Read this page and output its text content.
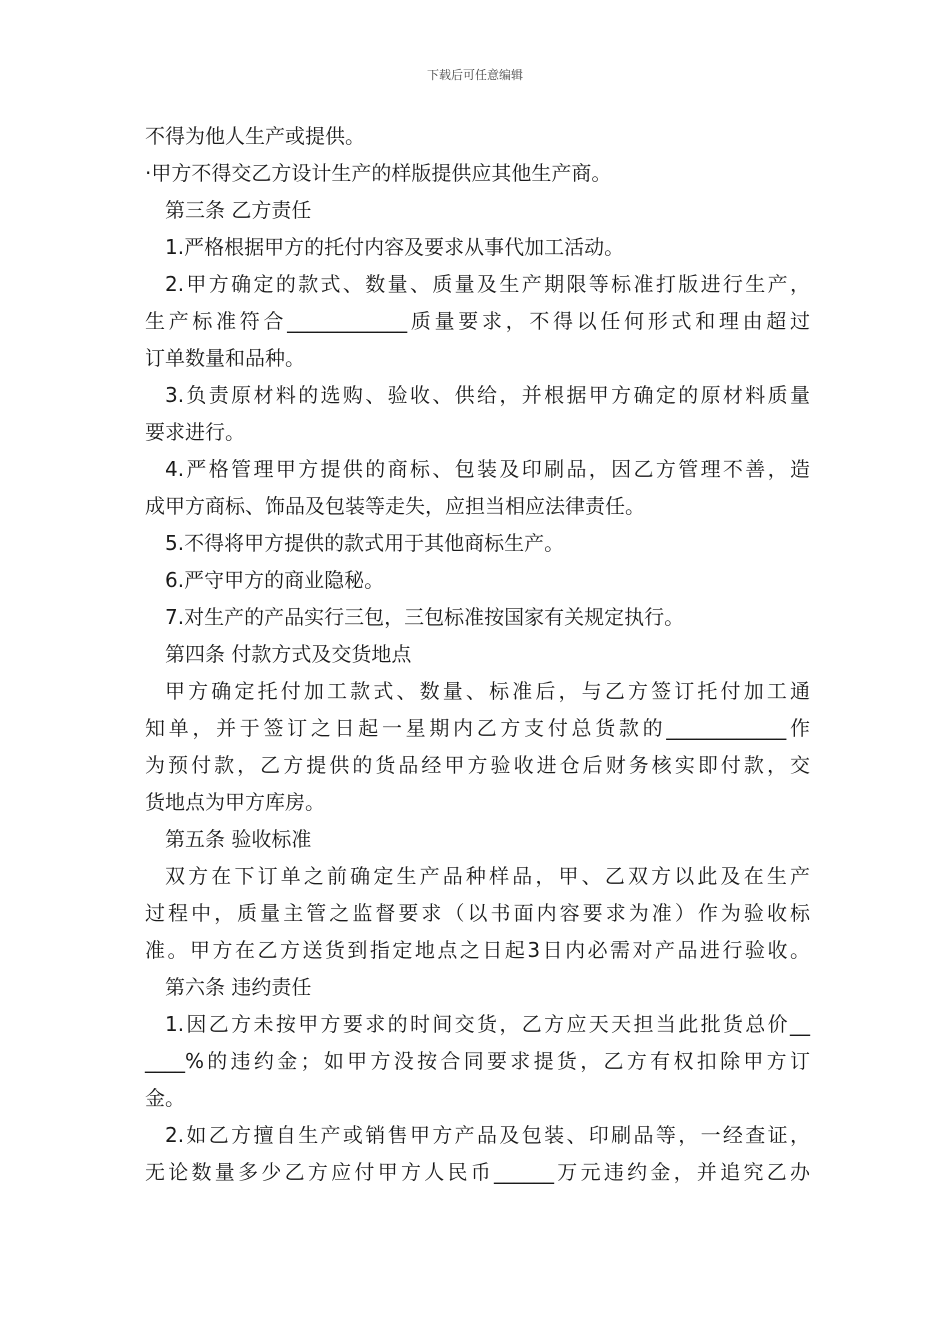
下载后可任意编辑
不得为他人生产或提供。
·甲方不得交乙方设计生产的样版提供应其他生产商。
第三条 乙方责任
1.严格根据甲方的托付内容及要求从事代加工活动。
2.甲方确定的款式、数量、质量及生产期限等标准打版进行生产，
生产标准符合____________质量要求，不得以任何形式和理由超过
订单数量和品种。
3.负责原材料的选购、验收、供给，并根据甲方确定的原材料质量
要求进行。
4.严格管理甲方提供的商标、包装及印刷品，因乙方管理不善，造
成甲方商标、饰品及包装等走失，应担当相应法律责任。
5.不得将甲方提供的款式用于其他商标生产。
6.严守甲方的商业隐秘。
7.对生产的产品实行三包，三包标准按国家有关规定执行。
第四条 付款方式及交货地点
甲方确定托付加工款式、数量、标准后，与乙方签订托付加工通
知单，并于签订之日起一星期内乙方支付总货款的____________作
为预付款，乙方提供的货品经甲方验收进仓后财务核实即付款，交
货地点为甲方库房。
第五条 验收标准
双方在下订单之前确定生产品种样品，甲、乙双方以此及在生产
过程中，质量主管之监督要求（以书面内容要求为准）作为验收标
准。甲方在乙方送货到指定地点之日起3日内必需对产品进行验收。
第六条 违约责任
1.因乙方未按甲方要求的时间交货，乙方应天天担当此批货总价__
____%的违约金；如甲方没按合同要求提货，乙方有权扣除甲方订
金。
2.如乙方擅自生产或销售甲方产品及包装、印刷品等，一经查证，
无论数量多少乙方应付甲方人民币______万元违约金，并追究乙办
